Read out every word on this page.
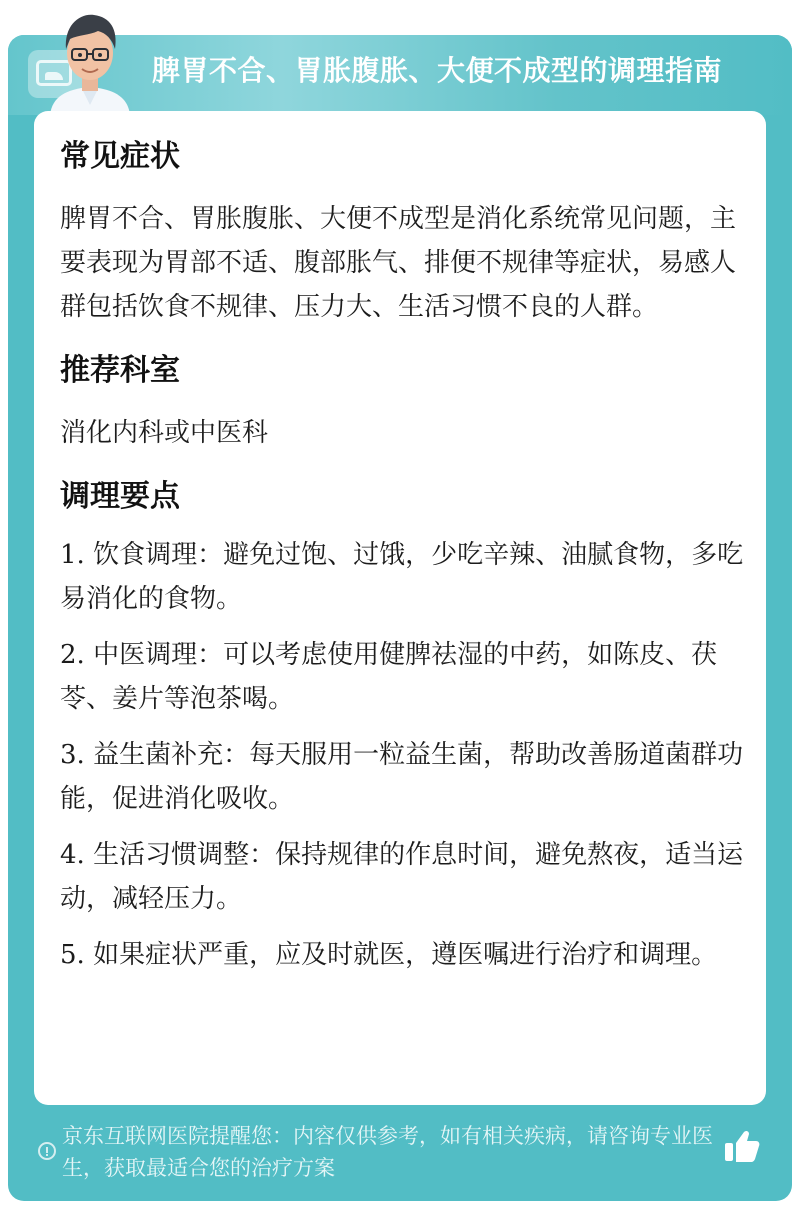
脾胃不合、胃胀腹胀、大便不成型的调理指南
常见症状

脾胃不合、胃胀腹胀、大便不成型是消化系统常见问题，主要表现为胃部不适、腹部胀气、排便不规律等症状，易感人群包括饮食不规律、压力大、生活习惯不良的人群。

推荐科室

消化内科或中医科

调理要点

1. 饮食调理：避免过饱、过饿，少吃辛辣、油腻食物，多吃易消化的食物。

2. 中医调理：可以考虑使用健脾祛湿的中药，如陈皮、茯苓、姜片等泡茶喝。

3. 益生菌补充：每天服用一粒益生菌，帮助改善肠道菌群功能，促进消化吸收。

4. 生活习惯调整：保持规律的作息时间，避免熬夜，适当运动，减轻压力。

5. 如果症状严重，应及时就医，遵医嘱进行治疗和调理。

京东互联网医院提醒您：内容仅供参考，如有相关疾病，请咨询专业医生，获取最适合您的治疗方案
